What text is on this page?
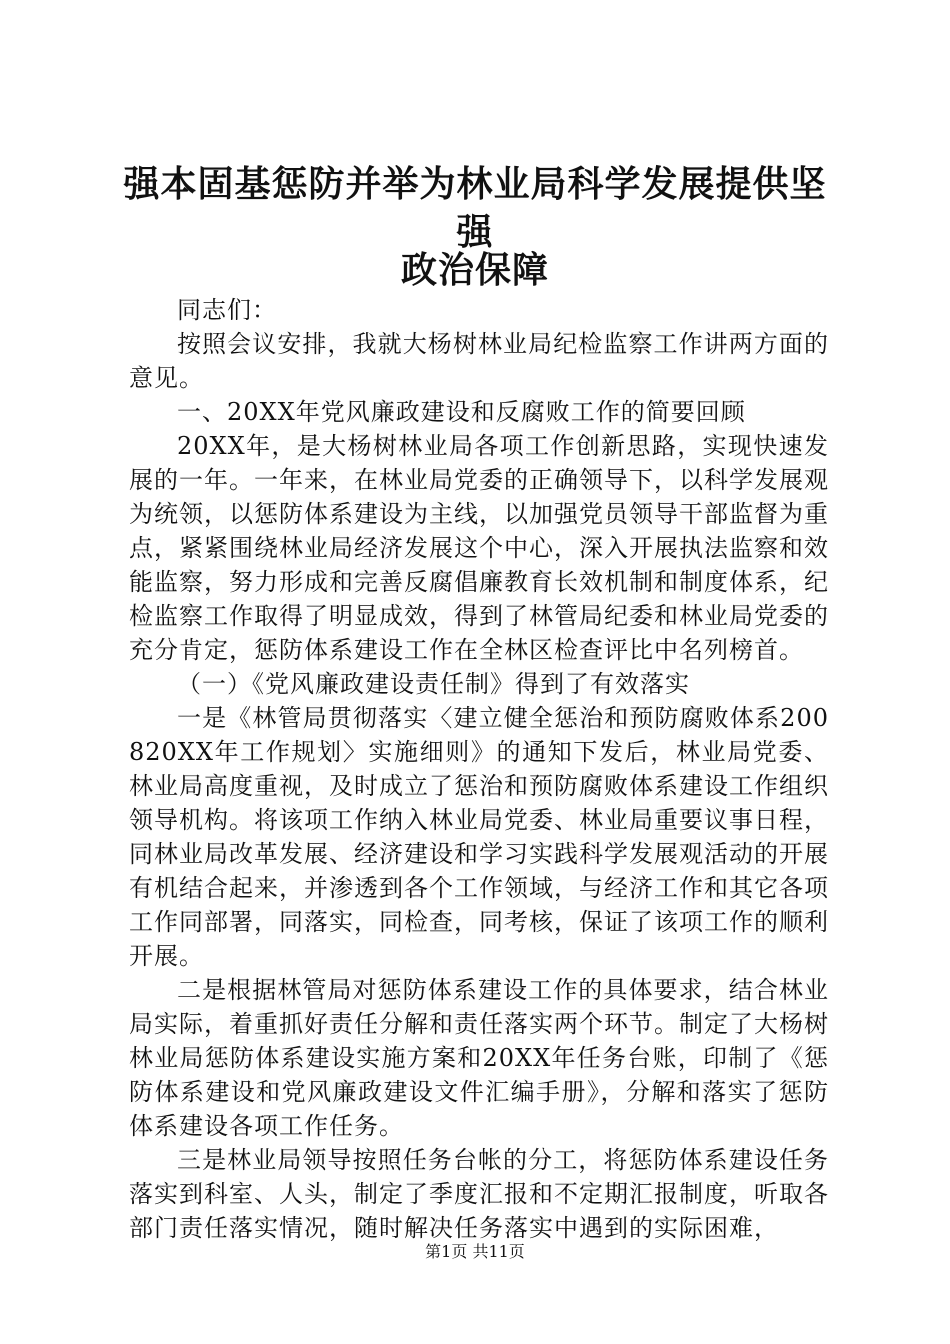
强本固基惩防并举为林业局科学发展提供坚强
政治保障

同志们：

按照会议安排，我就大杨树林业局纪检监察工作讲两方面的意见。

一、20XX年党风廉政建设和反腐败工作的简要回顾

20XX年，是大杨树林业局各项工作创新思路，实现快速发展的一年。一年来，在林业局党委的正确领导下，以科学发展观为统领，以惩防体系建设为主线，以加强党员领导干部监督为重点，紧紧围绕林业局经济发展这个中心，深入开展执法监察和效能监察，努力形成和完善反腐倡廉教育长效机制和制度体系，纪检监察工作取得了明显成效，得到了林管局纪委和林业局党委的充分肯定，惩防体系建设工作在全林区检查评比中名列榜首。

（一）《党风廉政建设责任制》得到了有效落实

一是《林管局贯彻落实〈建立健全惩治和预防腐败体系200820XX年工作规划〉实施细则》的通知下发后，林业局党委、林业局高度重视，及时成立了惩治和预防腐败体系建设工作组织领导机构。将该项工作纳入林业局党委、林业局重要议事日程，同林业局改革发展、经济建设和学习实践科学发展观活动的开展有机结合起来，并渗透到各个工作领域，与经济工作和其它各项工作同部署，同落实，同检查，同考核，保证了该项工作的顺利开展。

二是根据林管局对惩防体系建设工作的具体要求，结合林业局实际，着重抓好责任分解和责任落实两个环节。制定了大杨树林业局惩防体系建设实施方案和20XX年任务台账，印制了《惩防体系建设和党风廉政建设文件汇编手册》，分解和落实了惩防体系建设各项工作任务。

三是林业局领导按照任务台帐的分工，将惩防体系建设任务落实到科室、人头，制定了季度汇报和不定期汇报制度，听取各部门责任落实情况，随时解决任务落实中遇到的实际困难，

第1页 共11页
